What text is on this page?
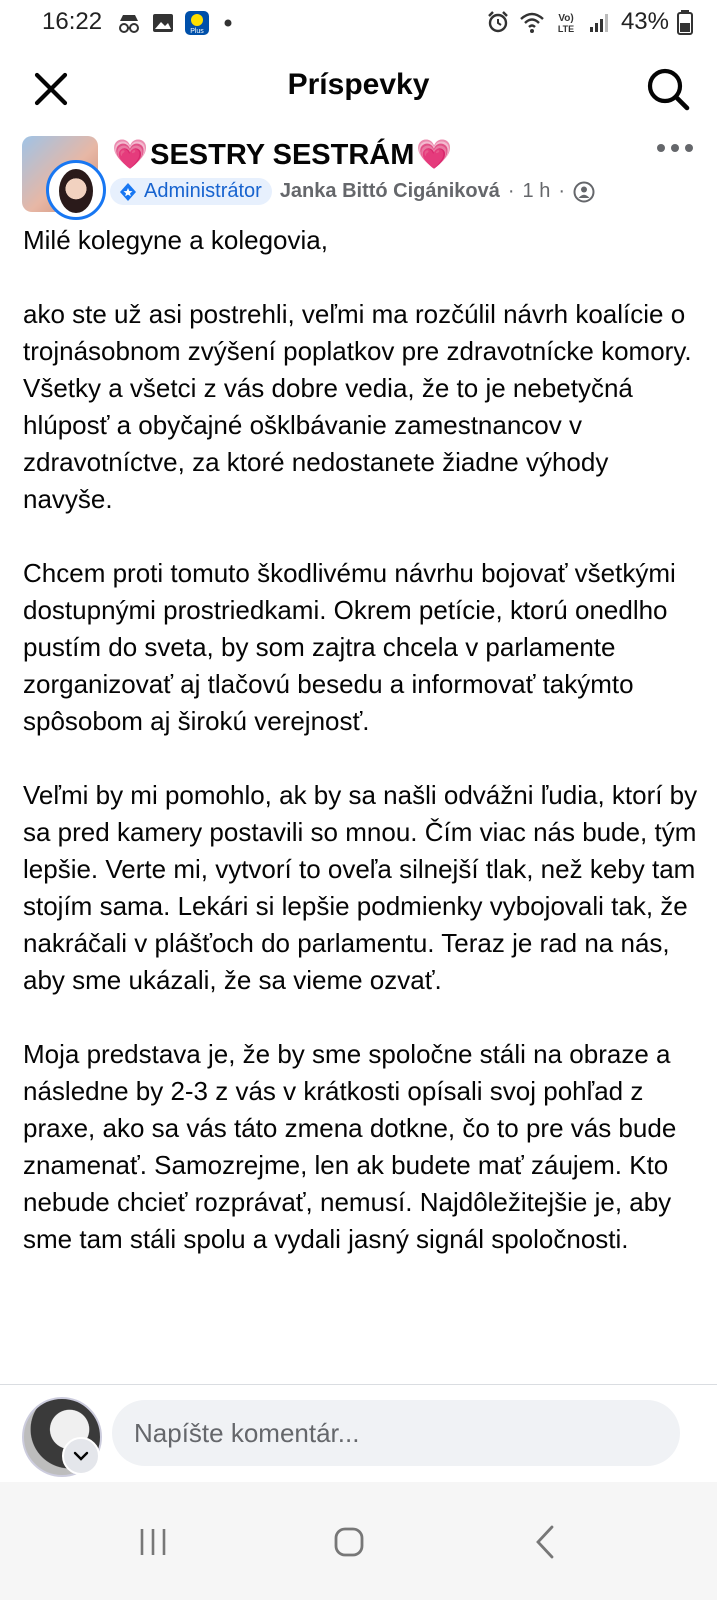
16:22	Plus
Vo)
LTE 43%
Príspevky
💗 SESTRY SESTRÁM 💗
Administrátor Janka Bittó Cigániková · 1 h ·

Milé kolegyne a kolegovia,

ako ste už asi postrehli, veľmi ma rozčúlil návrh koalície o trojnásobnom zvýšení poplatkov pre zdravotnícke komory. Všetky a všetci z vás dobre vedia, že to je nebetyčná hlúposť a obyčajné ošklbávanie zamestnancov v zdravotníctve, za ktoré nedostanete žiadne výhody navyše.

Chcem proti tomuto škodlivému návrhu bojovať všetkými dostupnými prostriedkami. Okrem petície, ktorú onedlho pustím do sveta, by som zajtra chcela v parlamente zorganizovať aj tlačovú besedu a informovať takýmto spôsobom aj širokú verejnosť.

Veľmi by mi pomohlo, ak by sa našli odvážni ľudia, ktorí by sa pred kamery postavili so mnou. Čím viac nás bude, tým lepšie. Verte mi, vytvorí to oveľa silnejší tlak, než keby tam stojím sama. Lekári si lepšie podmienky vybojovali tak, že nakráčali v plášťoch do parlamentu. Teraz je rad na nás, aby sme ukázali, že sa vieme ozvať.

Moja predstava je, že by sme spoločne stáli na obraze a následne by 2-3 z vás v krátkosti opísali svoj pohľad z praxe, ako sa vás táto zmena dotkne, čo to pre vás bude znamenať. Samozrejme, len ak budete mať záujem. Kto nebude chcieť rozprávať, nemusí. Najdôležitejšie je, aby sme tam stáli spolu a vydali jasný signál spoločnosti.

Napíšte komentár...
